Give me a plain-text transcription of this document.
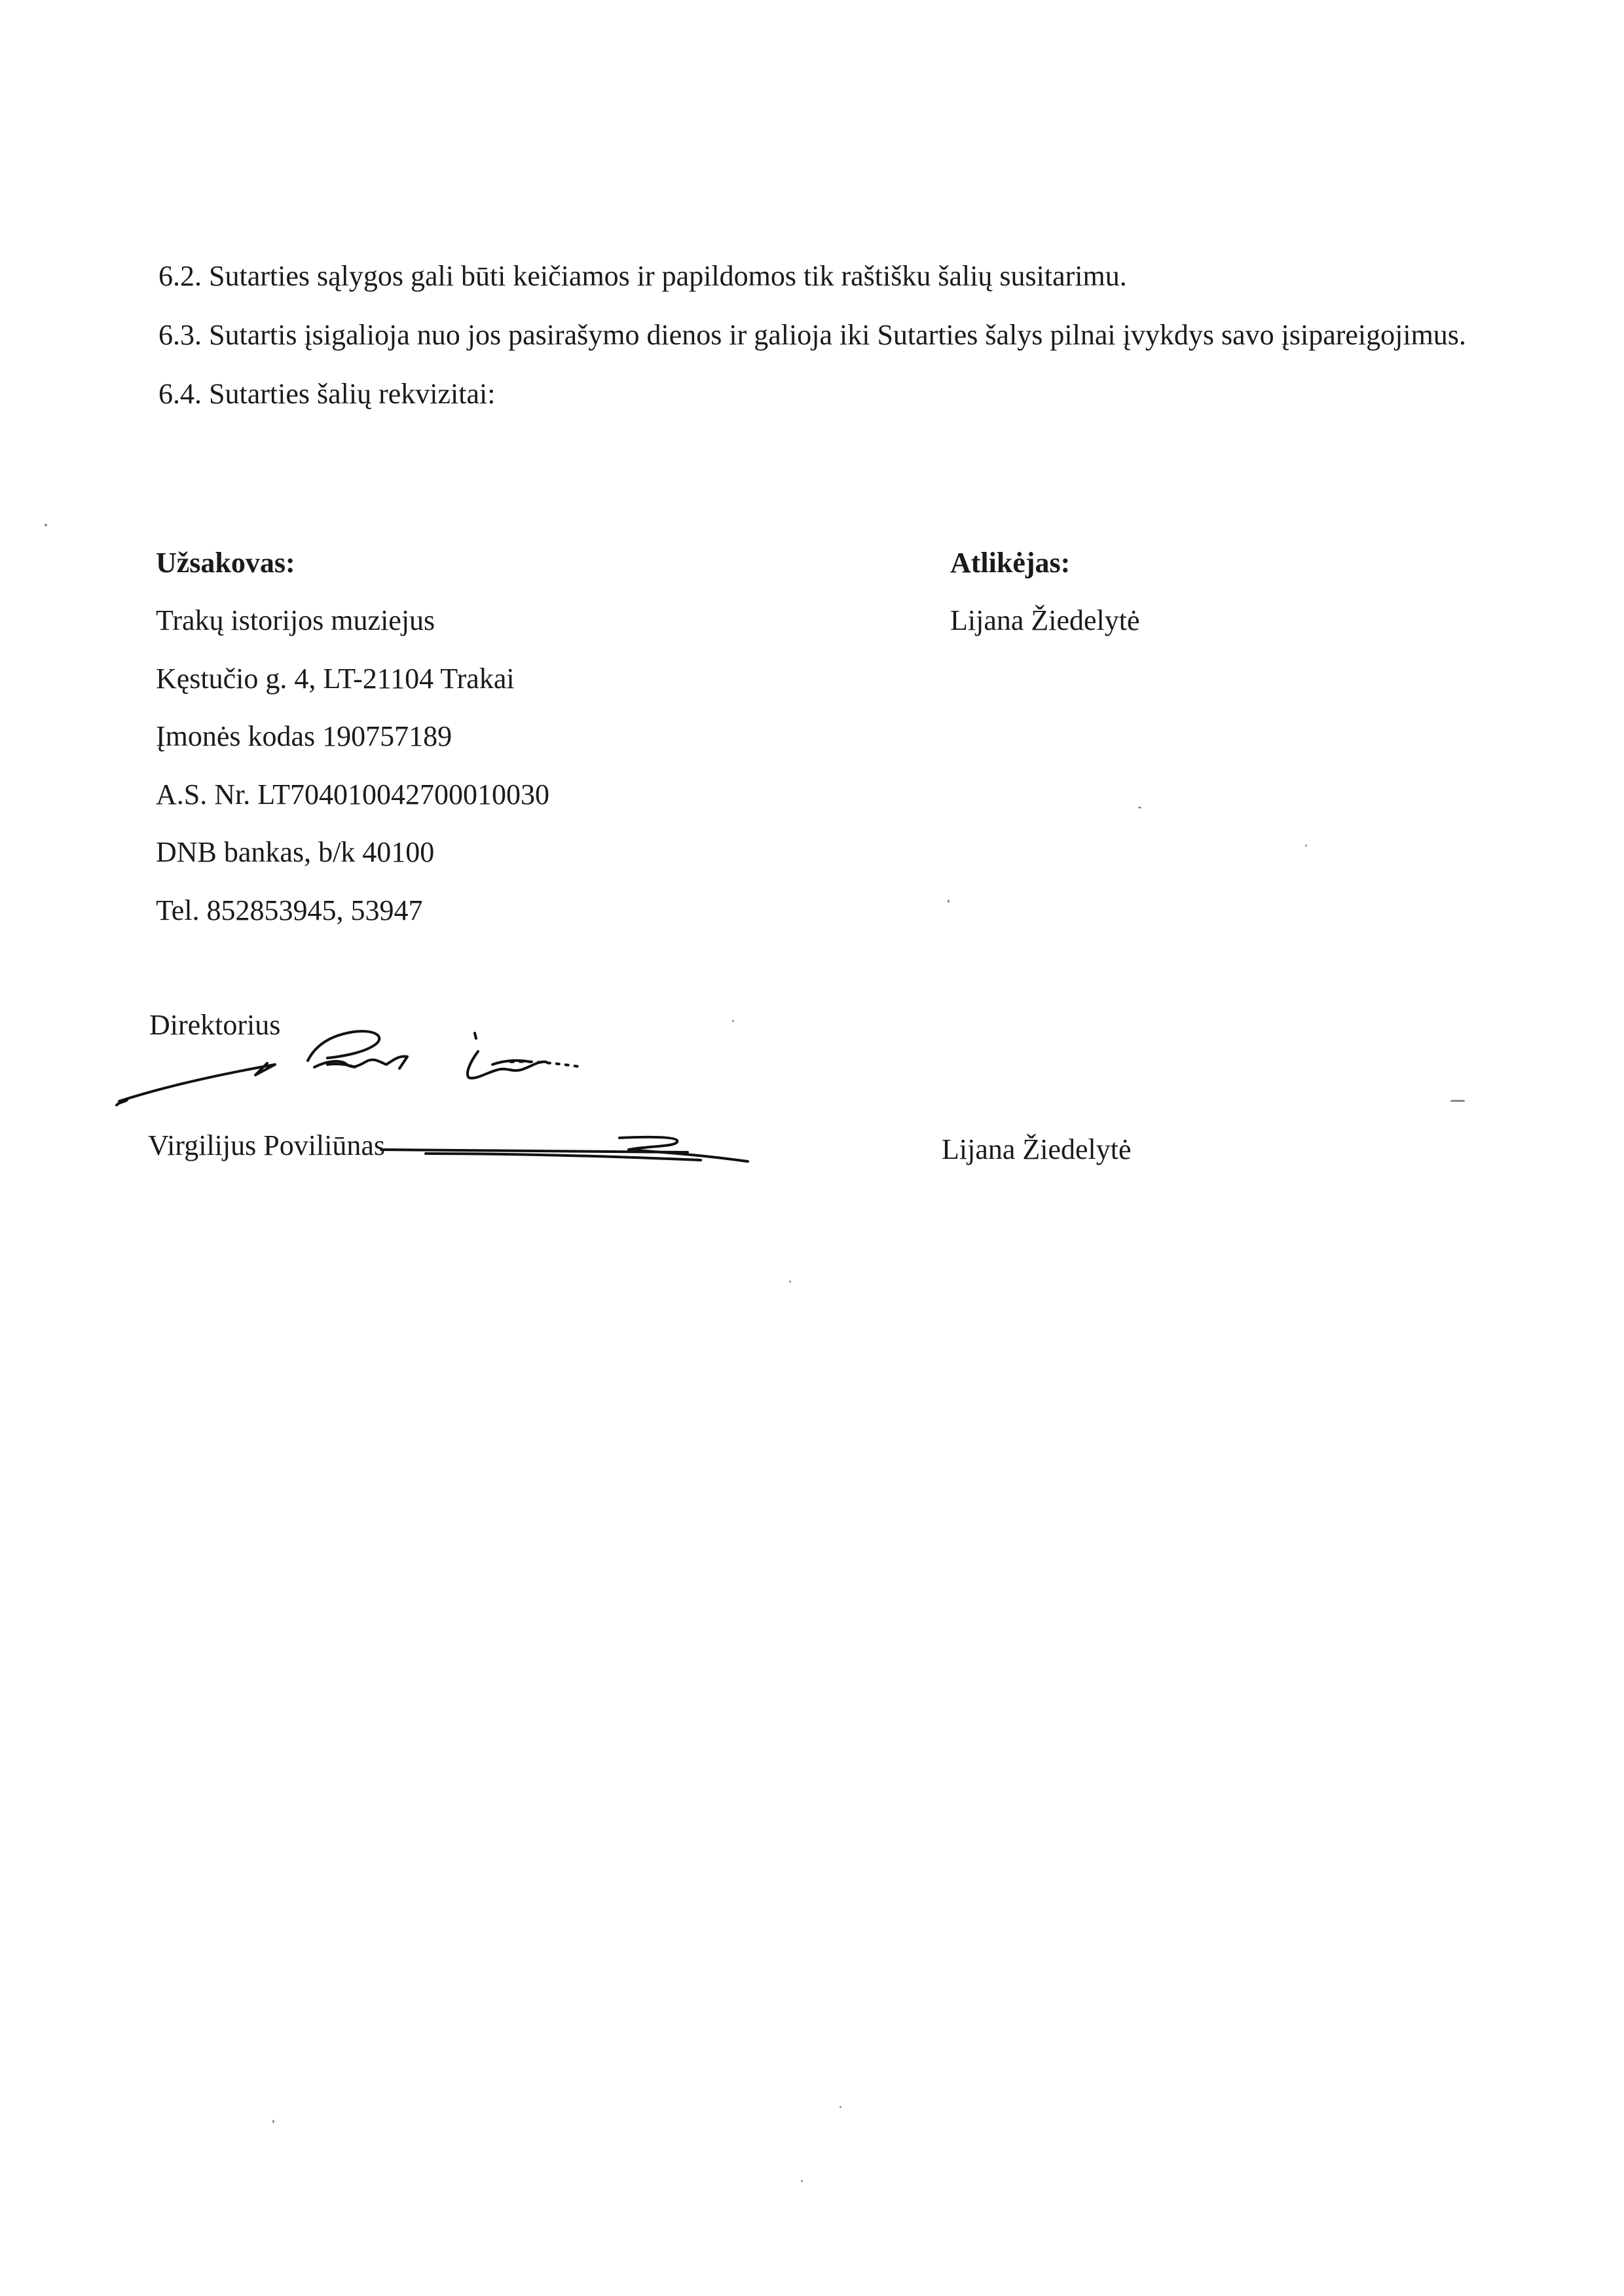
6.2. Sutarties sąlygos gali būti keičiamos ir papildomos tik raštišku šalių susitarimu.

6.3. Sutartis įsigalioja nuo jos pasirašymo dienos ir galioja iki Sutarties šalys pilnai įvykdys savo įsipareigojimus.

6.4. Sutarties šalių rekvizitai:

Užsakovas:

Trakų istorijos muziejus

Kęstučio g. 4, LT-21104 Trakai

Įmonės kodas 190757189

A.S. Nr. LT704010042700010030

DNB bankas, b/k 40100

Tel. 852853945, 53947

Atlikėjas:

Lijana Žiedelytė

Direktorius

Virgilijus Poviliūnas	Lijana Žiedelytė
